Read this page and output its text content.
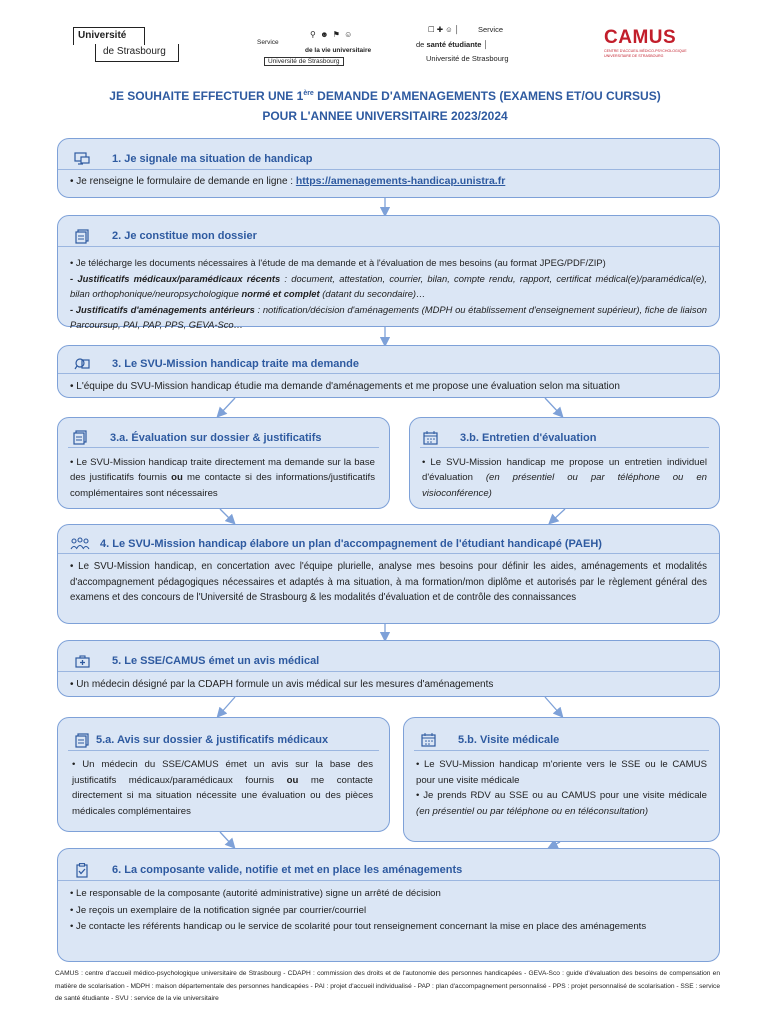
Université
de Strasbourg
⚲ ☻ ⚑ ☺
Service
de la vie universitaire
Université de Strasbourg
☐ ✚ ☺ │ Service
de santé étudiante │
Université de Strasbourg
CAMUS
CENTRE D'ACCUEIL MÉDICO-PSYCHOLOGIQUE UNIVERSITAIRE DE STRASBOURG
JE SOUHAITE EFFECTUER UNE 1ère DEMANDE D'AMENAGEMENTS (EXAMENS ET/OU CURSUS)
POUR L'ANNEE UNIVERSITAIRE 2023/2024
1. Je signale ma situation de handicap
• Je renseigne le formulaire de demande en ligne : https://amenagements-handicap.unistra.fr
2. Je constitue mon dossier

• Je télécharge les documents nécessaires à l'étude de ma demande et à l'évaluation de mes besoins (au format JPEG/PDF/ZIP)

- Justificatifs médicaux/paramédicaux récents : document, attestation, courrier, bilan, compte rendu, rapport, certificat médical(e)/paramédical(e), bilan orthophonique/neuropsychologique normé et complet (datant du secondaire)…

- Justificatifs d'aménagements antérieurs : notification/décision d'aménagements (MDPH ou établissement d'enseignement supérieur), fiche de liaison Parcoursup, PAI, PAP, PPS, GEVA-Sco…

3. Le SVU-Mission handicap traite ma demande
• L'équipe du SVU-Mission handicap étudie ma demande d'aménagements et me propose une évaluation selon ma situation
3.a. Évaluation sur dossier & justificatifs

• Le SVU-Mission handicap traite directement ma demande sur la base des justificatifs fournis ou me contacte si des informations/justificatifs complémentaires sont nécessaires

3.b. Entretien d'évaluation

• Le SVU-Mission handicap me propose un entretien individuel d'évaluation (en présentiel ou par téléphone ou en visioconférence)

4. Le SVU-Mission handicap élabore un plan d'accompagnement de l'étudiant handicapé (PAEH)

• Le SVU-Mission handicap, en concertation avec l'équipe plurielle, analyse mes besoins pour définir les aides, aménagements et modalités d'accompagnement pédagogiques nécessaires et adaptés à ma situation, à ma formation/mon diplôme et autorisés par le règlement général des examens et des concours de l'Université de Strasbourg & les modalités d'évaluation et de contrôle des connaissances

5. Le SSE/CAMUS émet un avis médical
• Un médecin désigné par la CDAPH formule un avis médical sur les mesures d'aménagements
5.a. Avis sur dossier & justificatifs médicaux

• Un médecin du SSE/CAMUS émet un avis sur la base des justificatifs médicaux/paramédicaux fournis ou me contacte directement si ma situation nécessite une évaluation ou des pièces médicales complémentaires

5.b. Visite médicale

• Le SVU-Mission handicap m'oriente vers le SSE ou le CAMUS pour une visite médicale

• Je prends RDV au SSE ou au CAMUS pour une visite médicale (en présentiel ou par téléphone ou en téléconsultation)

6. La composante valide, notifie et met en place les aménagements

• Le responsable de la composante (autorité administrative) signe un arrêté de décision

• Je reçois un exemplaire de la notification signée par courrier/courriel

• Je contacte les référents handicap ou le service de scolarité pour tout renseignement concernant la mise en place des aménagements

CAMUS : centre d'accueil médico-psychologique universitaire de Strasbourg - CDAPH : commission des droits et de l'autonomie des personnes handicapées - GEVA-Sco : guide d'évaluation des besoins de compensation en matière de scolarisation - MDPH : maison départementale des personnes handicapées - PAI : projet d'accueil individualisé - PAP : plan d'accompagnement personnalisé - PPS : projet personnalisé de scolarisation - SSE : service de santé étudiante - SVU : service de la vie universitaire
